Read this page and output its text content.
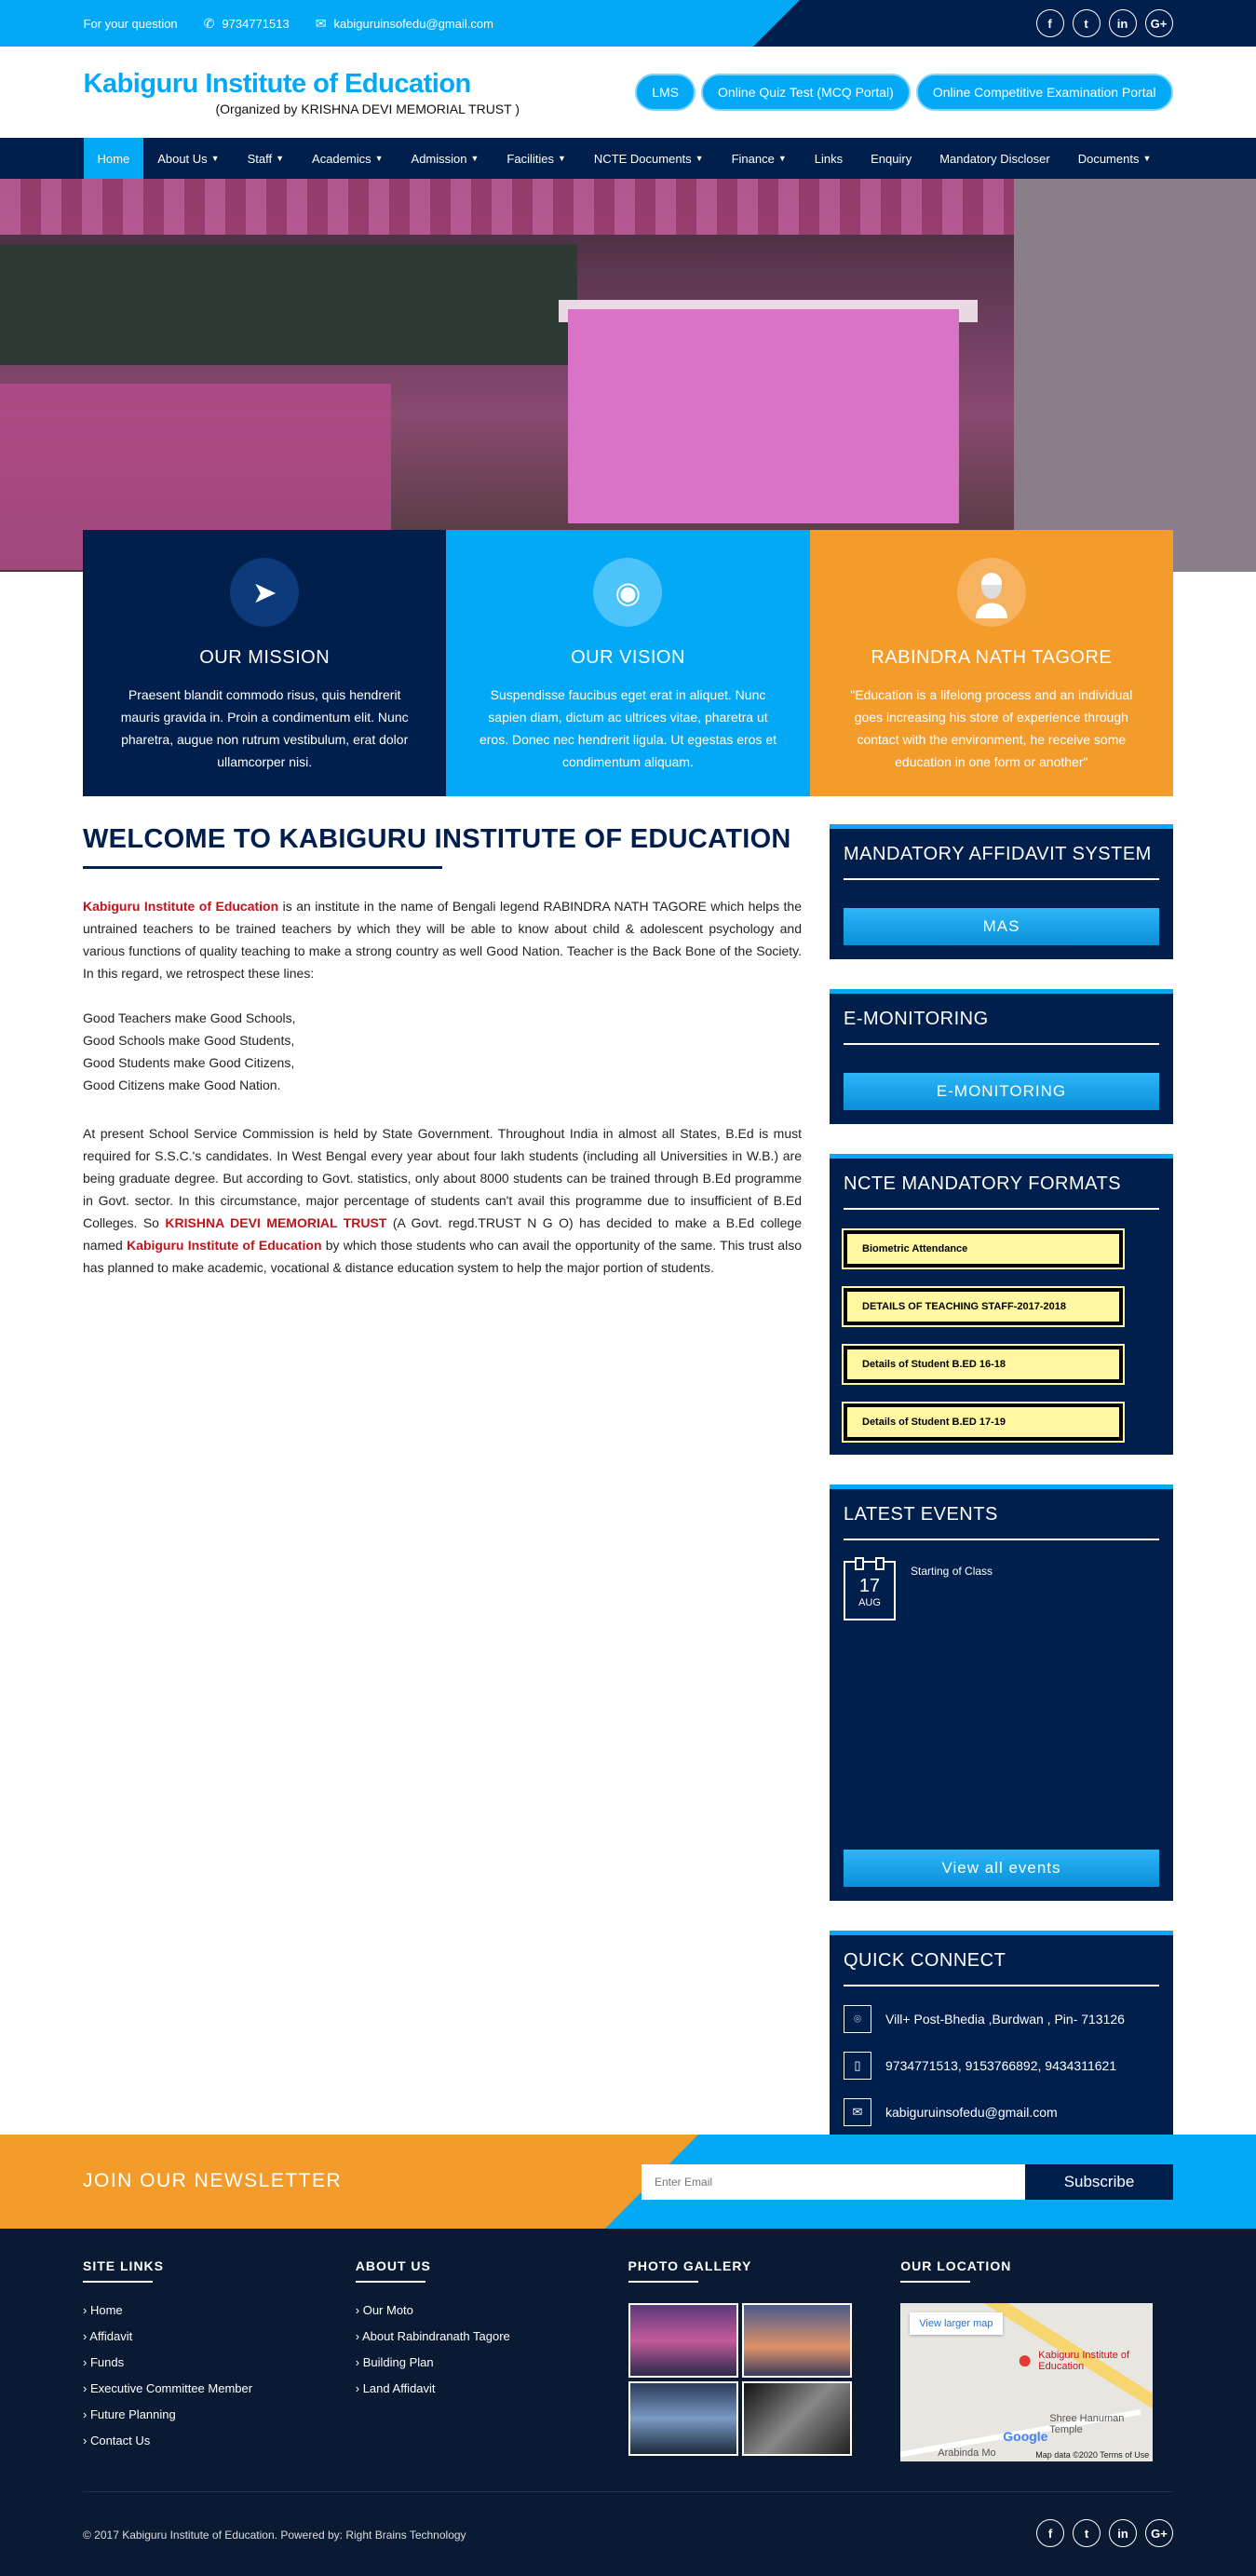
For your question ✆ 9734771513 ✉ kabiguruinsofedu@gmail.com	f	t	in	G+
Kabiguru Institute of Education
(Organized by KRISHNA DEVI MEMORIAL TRUST )
LMS	Online Quiz Test (MCQ Portal)	Online Competitive Examination Portal
Home About Us ▼ Staff ▼ Academics ▼ Admission ▼ Facilities ▼ NCTE Documents ▼ Finance ▼ Links Enquiry Mandatory Discloser Documents ▼
➤
OUR MISSION
Praesent blandit commodo risus, quis hendrerit mauris gravida in. Proin a condimentum elit. Nunc pharetra, augue non rutrum vestibulum, erat dolor ullamcorper nisi.
◉
OUR VISION
Suspendisse faucibus eget erat in aliquet. Nunc sapien diam, dictum ac ultrices vitae, pharetra ut eros. Donec nec hendrerit ligula. Ut egestas eros et condimentum aliquam.
RABINDRA NATH TAGORE
"Education is a lifelong process and an individual goes increasing his store of experience through contact with the environment, he receive some education in one form or another"
WELCOME TO KABIGURU INSTITUTE OF EDUCATION

Kabiguru Institute of Education is an institute in the name of Bengali legend RABINDRA NATH TAGORE which helps the untrained teachers to be trained teachers by which they will be able to know about child & adolescent psychology and various functions of quality teaching to make a strong country as well Good Nation. Teacher is the Back Bone of the Society. In this regard, we retrospect these lines:

Good Teachers make Good Schools,
Good Schools make Good Students,
Good Students make Good Citizens,
Good Citizens make Good Nation.

At present School Service Commission is held by State Government. Throughout India in almost all States, B.Ed is must required for S.S.C.'s candidates. In West Bengal every year about four lakh students (including all Universities in W.B.) are being graduate degree. But according to Govt. statistics, only about 8000 students can be trained through B.Ed programme in Govt. sector. In this circumstance, major percentage of students can't avail this programme due to insufficient of B.Ed Colleges. So KRISHNA DEVI MEMORIAL TRUST (A Govt. regd.TRUST N G O) has decided to make a B.Ed college named Kabiguru Institute of Education by which those students who can avail the opportunity of the same. This trust also has planned to make academic, vocational & distance education system to help the major portion of students.

MANDATORY AFFIDAVIT SYSTEM
MAS
E-MONITORING
E-MONITORING
NCTE MANDATORY FORMATS
Biometric Attendance
DETAILS OF TEACHING STAFF-2017-2018
Details of Student B.ED 16-18
Details of Student B.ED 17-19
LATEST EVENTS
17
AUG
Starting of Class
View all events
QUICK CONNECT
⌾	Vill+ Post-Bhedia ,Burdwan , Pin- 713126
▯	9734771513, 9153766892, 9434311621
✉	kabiguruinsofedu@gmail.com
JOIN OUR NEWSLETTER
Enter Email	Subscribe
SITE LINKS
› Home
› Affidavit
› Funds
› Executive Committee Member
› Future Planning
› Contact Us
ABOUT US
› Our Moto
› About Rabindranath Tagore
› Building Plan
› Land Affidavit
PHOTO GALLERY	OUR LOCATION
View larger map
● Kabiguru Institute of Education
Shree Hanuman Temple
Arabinda Mo
Google
Map data ©2020 Terms of Use
© 2017 Kabiguru Institute of Education. Powered by: Right Brains Technology	f	t	in	G+
